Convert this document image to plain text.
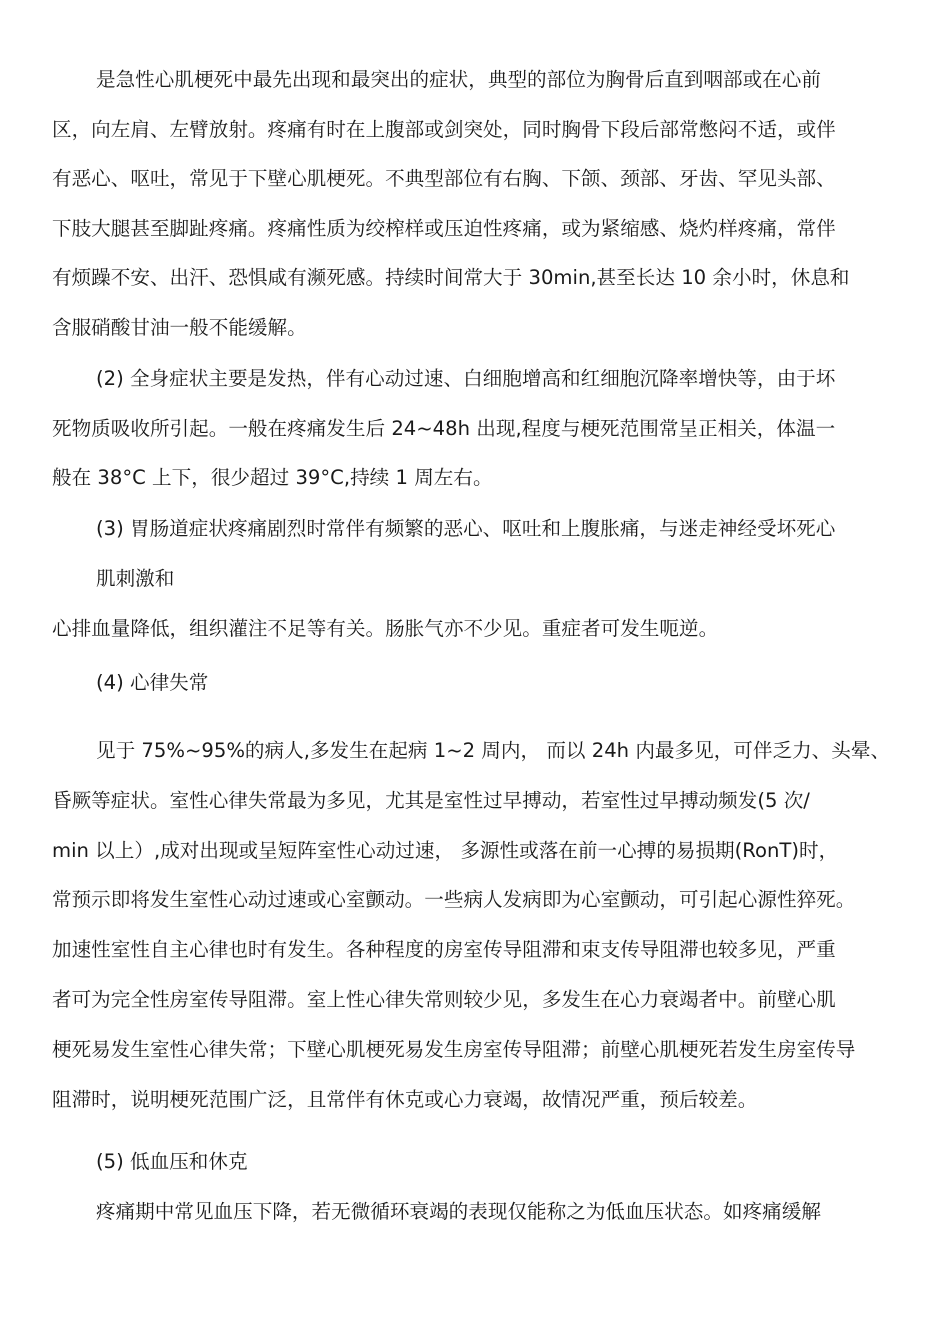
是急性心肌梗死中最先出现和最突出的症状，典型的部位为胸骨后直到咽部或在心前
区，向左肩、左臂放射。疼痛有时在上腹部或剑突处，同时胸骨下段后部常憋闷不适，或伴
有恶心、呕吐，常见于下壁心肌梗死。不典型部位有右胸、下颌、颈部、牙齿、罕见头部、
下肢大腿甚至脚趾疼痛。疼痛性质为绞榨样或压迫性疼痛，或为紧缩感、烧灼样疼痛，常伴
有烦躁不安、出汗、恐惧咸有濒死感。持续时间常大于 30min,甚至长达 10 余小时，休息和
含服硝酸甘油一般不能缓解。
(2) 全身症状主要是发热，伴有心动过速、白细胞增高和红细胞沉降率增快等，由于坏
死物质吸收所引起。一般在疼痛发生后 24~48h 出现,程度与梗死范围常呈正相关，体温一
般在 38°C 上下，很少超过 39°C,持续 1 周左右。
(3) 胃肠道症状疼痛剧烈时常伴有频繁的恶心、呕吐和上腹胀痛，与迷走神经受坏死心
肌刺激和
心排血量降低，组织灌注不足等有关。肠胀气亦不少见。重症者可发生呃逆。
(4) 心律失常
见于 75%~95%的病人,多发生在起病 1~2 周内， 而以 24h 内最多见，可伴乏力、头晕、
昏厥等症状。室性心律失常最为多见，尤其是室性过早搏动，若室性过早搏动频发(5 次/
min 以上）,成对出现或呈短阵室性心动过速， 多源性或落在前一心搏的易损期(RonT)时，
常预示即将发生室性心动过速或心室颤动。一些病人发病即为心室颤动，可引起心源性猝死。
加速性室性自主心律也时有发生。各种程度的房室传导阻滞和束支传导阻滞也较多见，严重
者可为完全性房室传导阻滞。室上性心律失常则较少见，多发生在心力衰竭者中。前壁心肌
梗死易发生室性心律失常；下壁心肌梗死易发生房室传导阻滞；前壁心肌梗死若发生房室传导
阻滞时，说明梗死范围广泛，且常伴有休克或心力衰竭，故情况严重，预后较差。
(5) 低血压和休克
疼痛期中常见血压下降，若无微循环衰竭的表现仅能称之为低血压状态。如疼痛缓解
